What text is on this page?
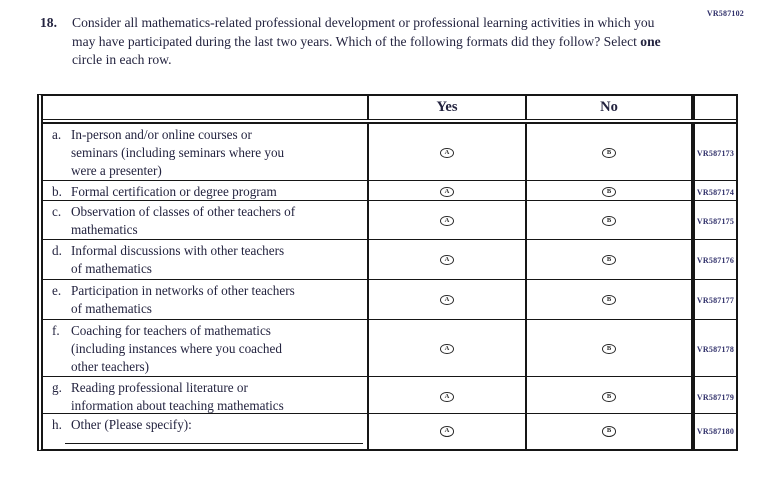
VR587102
18. Consider all mathematics-related professional development or professional learning activities in which you may have participated during the last two years. Which of the following formats did they follow? Select one circle in each row.
Yes	No
a. In-person and/or online courses or
seminars (including seminars where you
were a presenter)
A	B	VR587173
b. Formal certification or degree program	A	B	VR587174
c. Observation of classes of other teachers of
mathematics
A	B	VR587175
d. Informal discussions with other teachers
of mathematics
A	B	VR587176
e. Participation in networks of other teachers
of mathematics
A	B	VR587177
f. Coaching for teachers of mathematics
(including instances where you coached
other teachers)
A	B	VR587178
g. Reading professional literature or
information about teaching mathematics
A	B	VR587179
h. Other (Please specify):	A	B	VR587180
